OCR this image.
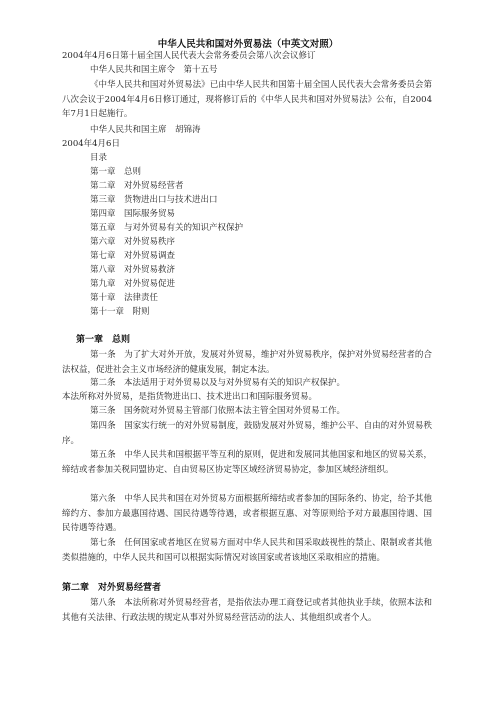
中华人民共和国对外贸易法（中英文对照）
2004年4月6日第十届全国人民代表大会常务委员会第八次会议修订
中华人民共和国主席令　第十五号
《中华人民共和国对外贸易法》已由中华人民共和国第十届全国人民代表大会常务委员会第八次会议于2004年4月6日修订通过，现将修订后的《中华人民共和国对外贸易法》公布，自2004年7月1日起施行。
中华人民共和国主席　胡锦涛
2004年4月6日
目录
第一章　总则
第二章　对外贸易经营者
第三章　货物进出口与技术进出口
第四章　国际服务贸易
第五章　与对外贸易有关的知识产权保护
第六章　对外贸易秩序
第七章　对外贸易调查
第八章　对外贸易救济
第九章　对外贸易促进
第十章　法律责任
第十一章　附则
第一章　总则
第一条　为了扩大对外开放，发展对外贸易，维护对外贸易秩序，保护对外贸易经营者的合法权益，促进社会主义市场经济的健康发展，制定本法。
第二条　本法适用于对外贸易以及与对外贸易有关的知识产权保护。
本法所称对外贸易，是指货物进出口、技术进出口和国际服务贸易。
第三条　国务院对外贸易主管部门依照本法主管全国对外贸易工作。
第四条　国家实行统一的对外贸易制度，鼓励发展对外贸易，维护公平、自由的对外贸易秩序。
第五条　中华人民共和国根据平等互利的原则，促进和发展同其他国家和地区的贸易关系，缔结或者参加关税同盟协定、自由贸易区协定等区域经济贸易协定，参加区域经济组织。
第六条　中华人民共和国在对外贸易方面根据所缔结或者参加的国际条约、协定，给予其他缔约方、参加方最惠国待遇、国民待遇等待遇，或者根据互惠、对等原则给予对方最惠国待遇、国民待遇等待遇。
第七条　任何国家或者地区在贸易方面对中华人民共和国采取歧视性的禁止、限制或者其他类似措施的，中华人民共和国可以根据实际情况对该国家或者该地区采取相应的措施。
第二章　对外贸易经营者
第八条　本法所称对外贸易经营者，是指依法办理工商登记或者其他执业手续，依照本法和其他有关法律、行政法规的规定从事对外贸易经营活动的法人、其他组织或者个人。
